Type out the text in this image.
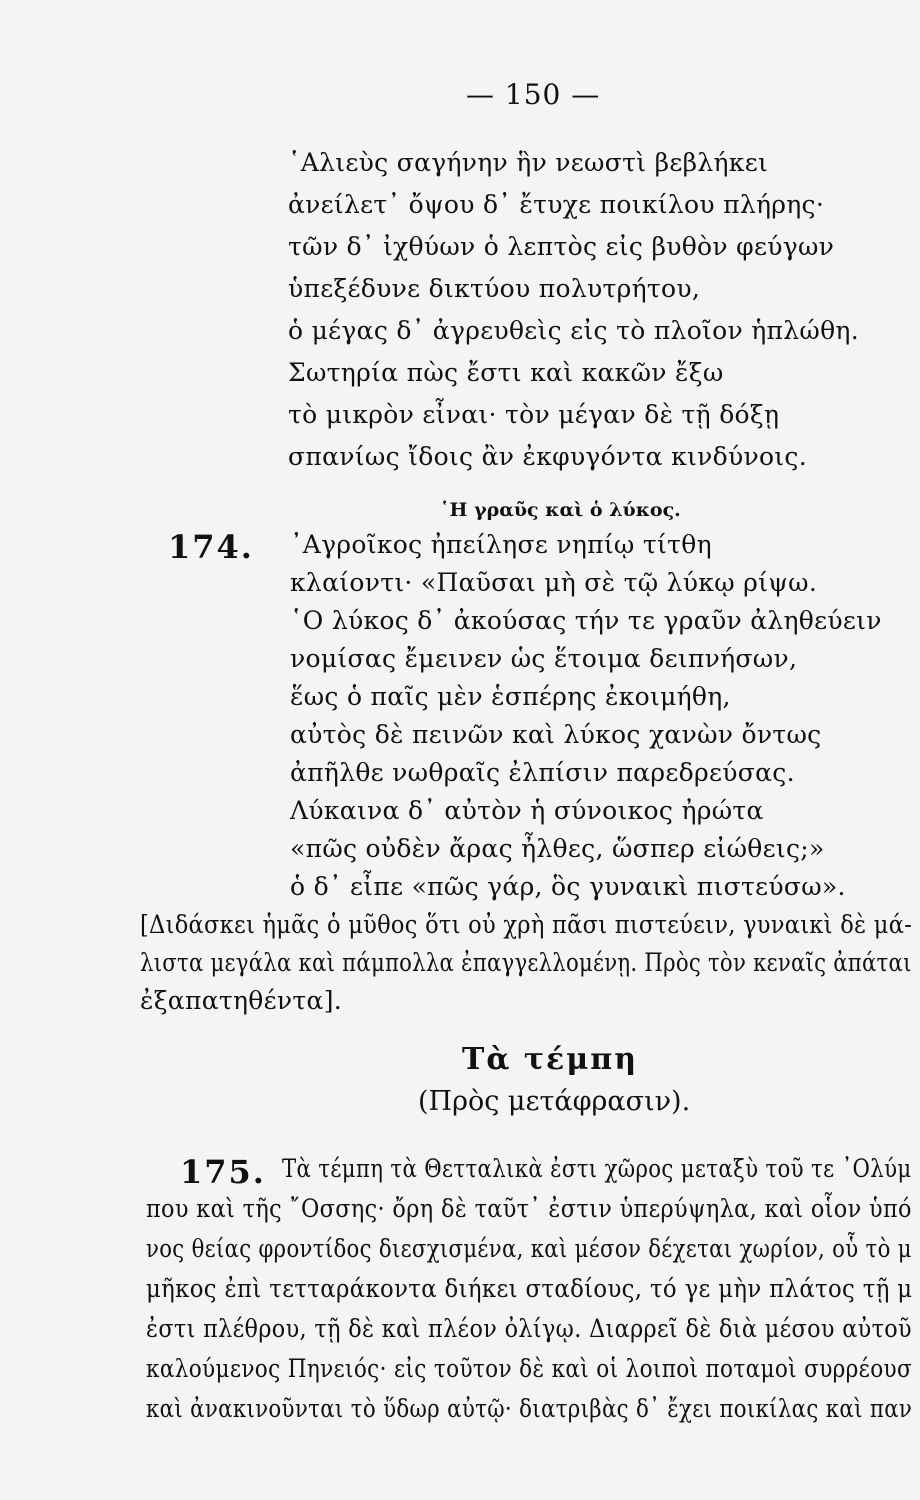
— 150 —
῾Αλιεὺς σαγήνην ἣν νεωστὶ βεβλήκει
ἀνείλετ᾿ ὄψου δ᾿ ἔτυχε ποικίλου πλήρης·
τῶν δ᾿ ἰχθύων ὁ λεπτὸς εἰς βυθὸν φεύγων
ὑπεξέδυνε δικτύου πολυτρήτου,
ὁ μέγας δ᾿ ἀγρευθεὶς εἰς τὸ πλοῖον ἡπλώθη.
Σωτηρία πὼς ἔστι καὶ κακῶν ἔξω
τὸ μικρὸν εἶναι· τὸν μέγαν δὲ τῇ δόξῃ
σπανίως ἴδοις ἂν ἐκφυγόντα κινδύνοις.
῾Η γραῦς καὶ ὁ λύκος.
174. ᾿Αγροῖκος ἠπείλησε νηπίῳ τίτθη
κλαίοντι· «Παῦσαι μὴ σὲ τῷ λύκῳ ρίψω.
῾Ο λύκος δ᾿ ἀκούσας τήν τε γραῦν ἀληθεύειν
νομίσας ἔμεινεν ὡς ἕτοιμα δειπνήσων,
ἕως ὁ παῖς μὲν ἑσπέρης ἐκοιμήθη,
αὐτὸς δὲ πεινῶν καὶ λύκος χανὼν ὄντως
ἀπῆλθε νωθραῖς ἐλπίσιν παρεδρεύσας.
Λύκαινα δ᾿ αὐτὸν ἡ σύνοικος ἠρώτα
«πῶς οὐδὲν ἄρας ἦλθες, ὥσπερ εἰώθεις;»
ὁ δ᾿ εἶπε «πῶς γάρ, ὃς γυναικὶ πιστεύσω».
[Διδάσκει ἡμᾶς ὁ μῦθος ὅτι οὐ χρὴ πᾶσι πιστεύειν, γυναικὶ δὲ μά-
λιστα μεγάλα καὶ πάμπολλα ἐπαγγελλομένῃ. Πρὸς τὸν κεναῖς ἀπάται
ἐξαπατηθέντα].
Τὰ τέμπη
(Πρὸς μετάφρασιν).
175. Τὰ τέμπη τὰ Θετταλικὰ ἐστι χῶρος μεταξὺ τοῦ τε ᾿Ολύμ
που καὶ τῆς ῎Οσσης· ὄρη δὲ ταῦτ᾿ ἐστιν ὑπερύψηλα, καὶ οἷον ὑπό
νος θείας φροντίδος διεσχισμένα, καὶ μέσον δέχεται χωρίον, οὗ τὸ μ
μῆκος ἐπὶ τετταράκοντα διήκει σταδίους, τό γε μὴν πλάτος τῇ μ
ἐστι πλέθρου, τῇ δὲ καὶ πλέον ὀλίγῳ. Διαρρεῖ δὲ διὰ μέσου αὐτοῦ
καλούμενος Πηνειός· εἰς τοῦτον δὲ καὶ οἱ λοιποὶ ποταμοὶ συρρέουσ
καὶ ἀνακινοῦνται τὸ ὕδωρ αὐτῷ· διατριβὰς δ᾿ ἔχει ποικίλας καὶ παν
